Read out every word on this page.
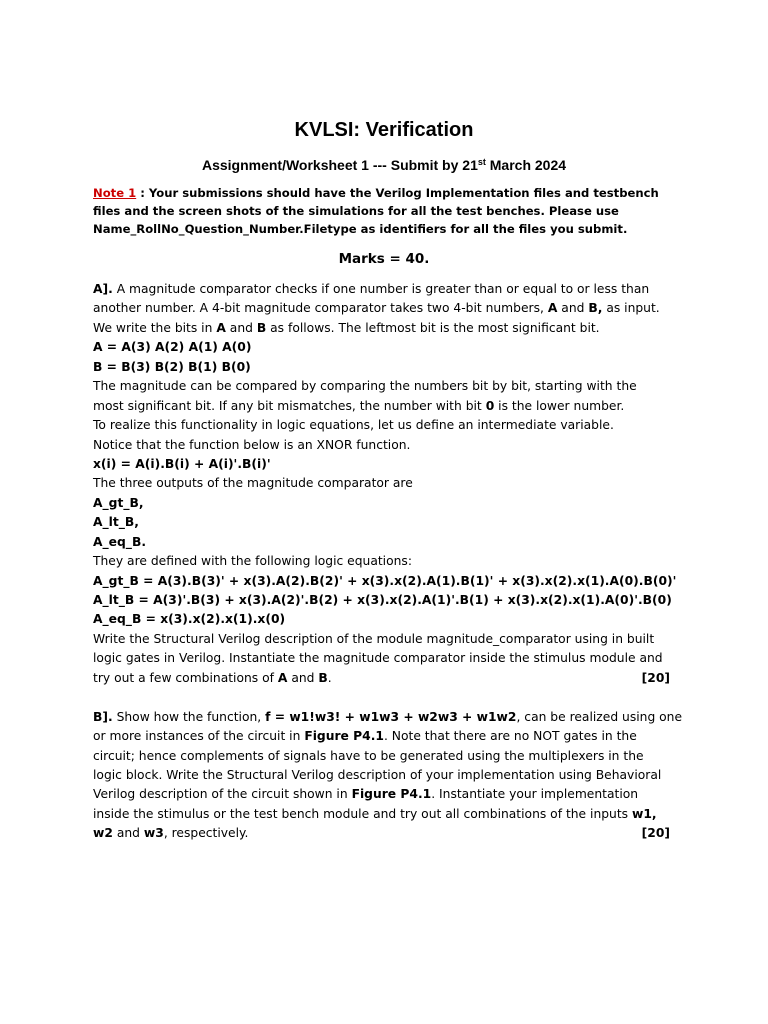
KVLSI: Verification
Assignment/Worksheet 1 --- Submit by 21st March 2024
Note 1 : Your submissions should have the Verilog Implementation files and testbench files and the screen shots of the simulations for all the test benches. Please use Name_RollNo_Question_Number.Filetype as identifiers for all the files you submit.
Marks = 40.
A]. A magnitude comparator checks if one number is greater than or equal to or less than
another number. A 4-bit magnitude comparator takes two 4-bit numbers, A and B, as input.
We write the bits in A and B as follows. The leftmost bit is the most significant bit.
A = A(3) A(2) A(1) A(0)
B = B(3) B(2) B(1) B(0)
The magnitude can be compared by comparing the numbers bit by bit, starting with the
most significant bit. If any bit mismatches, the number with bit 0 is the lower number.
To realize this functionality in logic equations, let us define an intermediate variable.
Notice that the function below is an XNOR function.
x(i) = A(i).B(i) + A(i)'.B(i)'
The three outputs of the magnitude comparator are
A_gt_B,
A_lt_B,
A_eq_B.
They are defined with the following logic equations:
A_gt_B = A(3).B(3)' + x(3).A(2).B(2)' + x(3).x(2).A(1).B(1)' + x(3).x(2).x(1).A(0).B(0)'
A_lt_B = A(3)'.B(3) + x(3).A(2)'.B(2) + x(3).x(2).A(1)'.B(1) + x(3).x(2).x(1).A(0)'.B(0)
A_eq_B = x(3).x(2).x(1).x(0)
Write the Structural Verilog description of the module magnitude_comparator using in built
logic gates in Verilog. Instantiate the magnitude comparator inside the stimulus module and
try out a few combinations of A and B.	[20]
B]. Show how the function, f = w1!w3! + w1w3 + w2w3 + w1w2, can be realized using one
or more instances of the circuit in Figure P4.1. Note that there are no NOT gates in the
circuit; hence complements of signals have to be generated using the multiplexers in the
logic block. Write the Structural Verilog description of your implementation using Behavioral
Verilog description of the circuit shown in Figure P4.1. Instantiate your implementation
inside the stimulus or the test bench module and try out all combinations of the inputs w1,
w2 and w3, respectively.	[20]
